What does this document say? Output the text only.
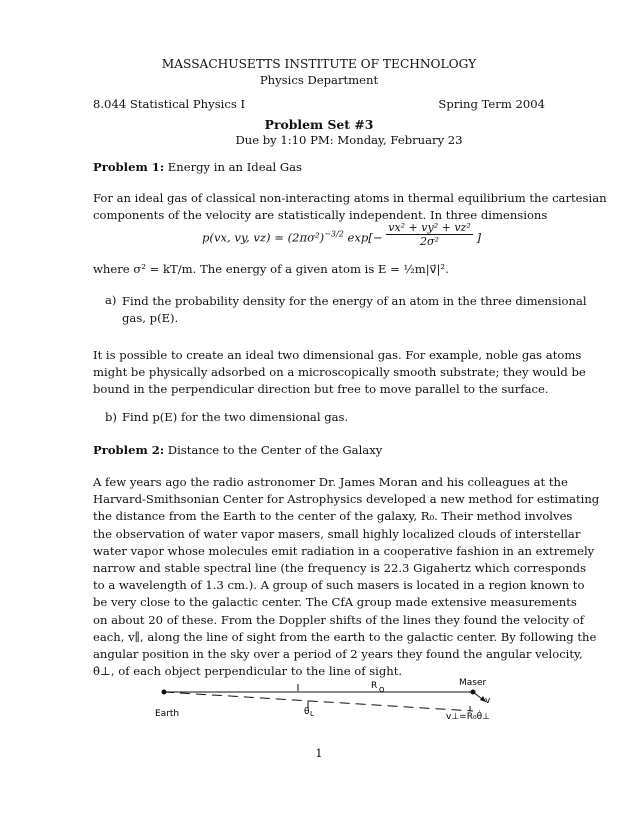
MASSACHUSETTS INSTITUTE OF TECHNOLOGY
Physics Department
8.044 Statistical Physics I	Spring Term 2004
Problem Set #3
Due by 1:10 PM: Monday, February 23
Problem 1: Energy in an Ideal Gas
For an ideal gas of classical non-interacting atoms in thermal equilibrium the cartesian
components of the velocity are statistically independent. In three dimensions
p(vx, vy, $vz) = (2\pi\sigma^2)^{-3/2}$ $\exp[- \frac{\text{vx² + vy² + vz²}}{\text{2σ²}}$ ]
where σ² = kT/m. The energy of a given atom is E = ½m|v⃗|².
a) Find the probability density for the energy of an atom in the three dimensional
gas, p(E).
It is possible to create an ideal two dimensional gas. For example, noble gas atoms
might be physically adsorbed on a microscopically smooth substrate; they would be
bound in the perpendicular direction but free to move parallel to the surface.
b) Find p(E) for the two dimensional gas.
Problem 2: Distance to the Center of the Galaxy
A few years ago the radio astronomer Dr. James Moran and his colleagues at the
Harvard-Smithsonian Center for Astrophysics developed a new method for estimating
the distance from the Earth to the center of the galaxy, R₀. Their method involves
the observation of water vapor masers, small highly localized clouds of interstellar
water vapor whose molecules emit radiation in a cooperative fashion in an extremely
narrow and stable spectral line (the frequency is 22.3 Gigahertz which corresponds
to a wavelength of 1.3 cm.). A group of such masers is located in a region known to
be very close to the galactic center. The CfA group made extensive measurements
on about 20 of these. From the Doppler shifts of the lines they found the velocity of
each, v∥, along the line of sight from the earth to the galactic center. By following the
angular position in the sky over a period of 2 years they found the angular velocity,
θ̇⊥, of each object perpendicular to the line of sight.
Earth
Maser
R O
θ L
v
v⊥=R₀θ̇⊥
1
